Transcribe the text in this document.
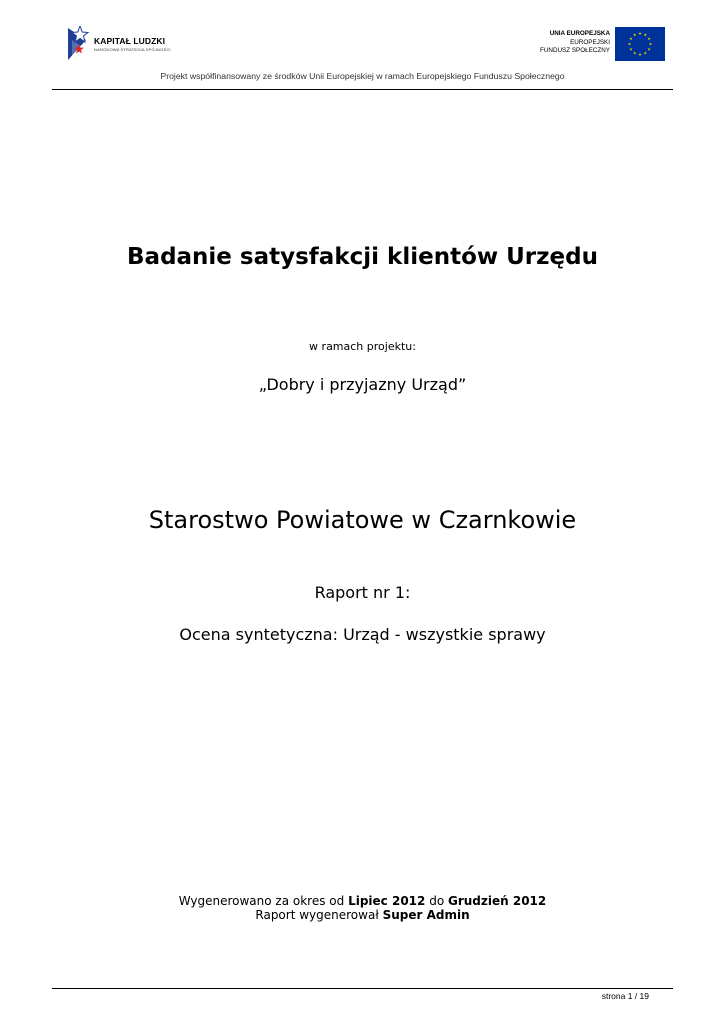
KAPITAŁ LUDZKI
NARODOWA STRATEGIA SPÓJNOŚCI
UNIA EUROPEJSKA
EUROPEJSKI
FUNDUSZ SPOŁECZNY
Projekt współfinansowany ze środków Unii Europejskiej w ramach Europejskiego Funduszu Społecznego
Badanie satysfakcji klientów Urzędu
w ramach projektu:
„Dobry i przyjazny Urząd”
Starostwo Powiatowe w Czarnkowie
Raport nr 1:
Ocena syntetyczna: Urząd - wszystkie sprawy
Wygenerowano za okres od Lipiec 2012 do Grudzień 2012
Raport wygenerował Super Admin
strona 1 / 19
